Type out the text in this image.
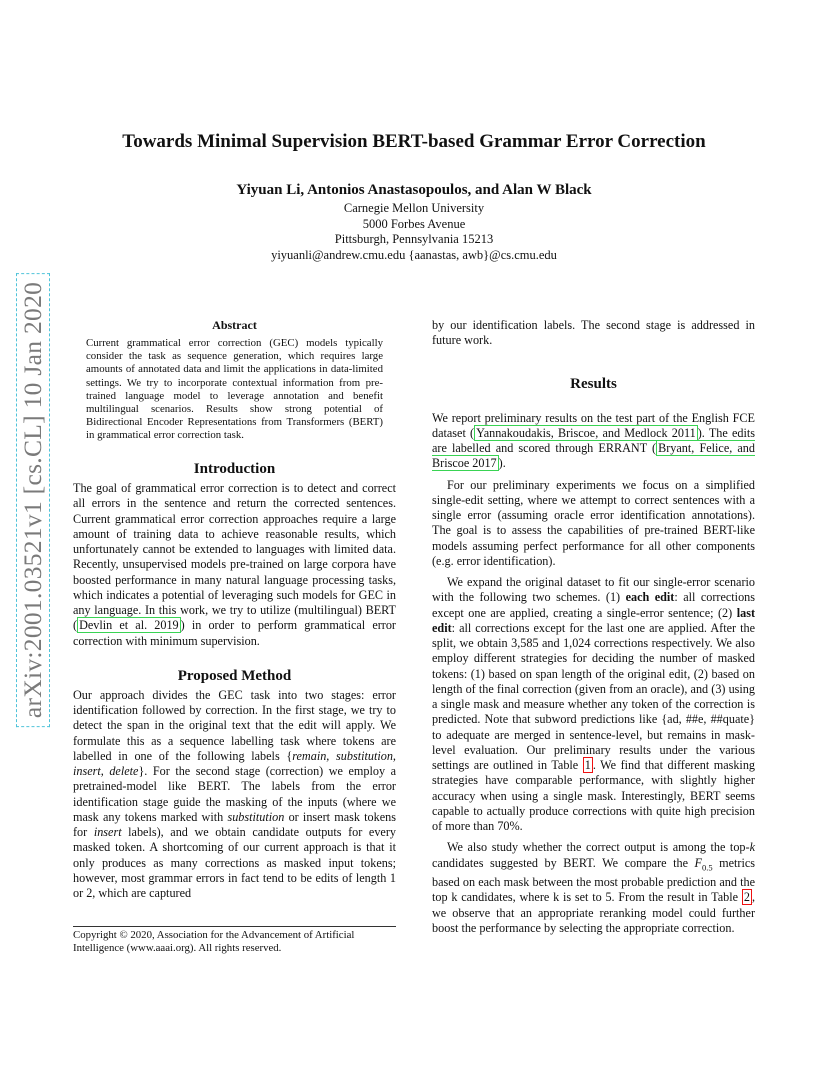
arXiv:2001.03521v1 [cs.CL] 10 Jan 2020
Towards Minimal Supervision BERT-based Grammar Error Correction
Yiyuan Li, Antonios Anastasopoulos, and Alan W Black
Carnegie Mellon University
5000 Forbes Avenue
Pittsburgh, Pennsylvania 15213
yiyuanli@andrew.cmu.edu {aanastas, awb}@cs.cmu.edu
Abstract
Current grammatical error correction (GEC) models typically consider the task as sequence generation, which requires large amounts of annotated data and limit the applications in data-limited settings. We try to incorporate contextual information from pre-trained language model to leverage annotation and benefit multilingual scenarios. Results show strong potential of Bidirectional Encoder Representations from Transformers (BERT) in grammatical error correction task.
Introduction

The goal of grammatical error correction is to detect and correct all errors in the sentence and return the corrected sentences. Current grammatical error correction approaches require a large amount of training data to achieve reasonable results, which unfortunately cannot be extended to languages with limited data. Recently, unsupervised models pre-trained on large corpora have boosted performance in many natural language processing tasks, which indicates a potential of leveraging such models for GEC in any language. In this work, we try to utilize (multilingual) BERT ( Devlin et al. 2019 ) in order to perform grammatical error correction with minimum supervision.

Proposed Method

Our approach divides the GEC task into two stages: error identification followed by correction. In the first stage, we try to detect the span in the original text that the edit will apply. We formulate this as a sequence labelling task where tokens are labelled in one of the following labels {remain, substitution, insert, delete}. For the second stage (correction) we employ a pretrained-model like BERT. The labels from the error identification stage guide the masking of the inputs (where we mask any tokens marked with substitution or insert mask tokens for insert labels), and we obtain candidate outputs for every masked token. A shortcoming of our current approach is that it only produces as many corrections as masked input tokens; however, most grammar errors in fact tend to be edits of length 1 or 2, which are captured

Copyright © 2020, Association for the Advancement of Artificial Intelligence (www.aaai.org). All rights reserved.

by our identification labels. The second stage is addressed in future work.

Results

We report preliminary results on the test part of the English FCE dataset ( Yannakoudakis, Briscoe, and Medlock 2011 ). The edits are labelled and scored through ERRANT ( Bryant, Felice, and Briscoe 2017 ).

For our preliminary experiments we focus on a simplified single-edit setting, where we attempt to correct sentences with a single error (assuming oracle error identification annotations). The goal is to assess the capabilities of pre-trained BERT-like models assuming perfect performance for all other components (e.g. error identification).

We expand the original dataset to fit our single-error scenario with the following two schemes. (1) each edit: all corrections except one are applied, creating a single-error sentence; (2) last edit: all corrections except for the last one are applied. After the split, we obtain 3,585 and 1,024 corrections respectively. We also employ different strategies for deciding the number of masked tokens: (1) based on span length of the original edit, (2) based on length of the final correction (given from an oracle), and (3) using a single mask and measure whether any token of the correction is predicted. Note that subword predictions like {ad, ##e, ##quate} to adequate are merged in sentence-level, but remains in mask-level evaluation. Our preliminary results under the various settings are outlined in Table 1 . We find that different masking strategies have comparable performance, with slightly higher accuracy when using a single mask. Interestingly, BERT seems capable to actually produce corrections with quite high precision of more than 70%.

We also study whether the correct output is among the top-k candidates suggested by BERT. We compare the $F_{0.5}$ metrics based on each mask between the most probable prediction and the top k candidates, where k is set to 5. From the result in Table 2 , we observe that an appropriate reranking model could further boost the performance by selecting the appropriate correction.
